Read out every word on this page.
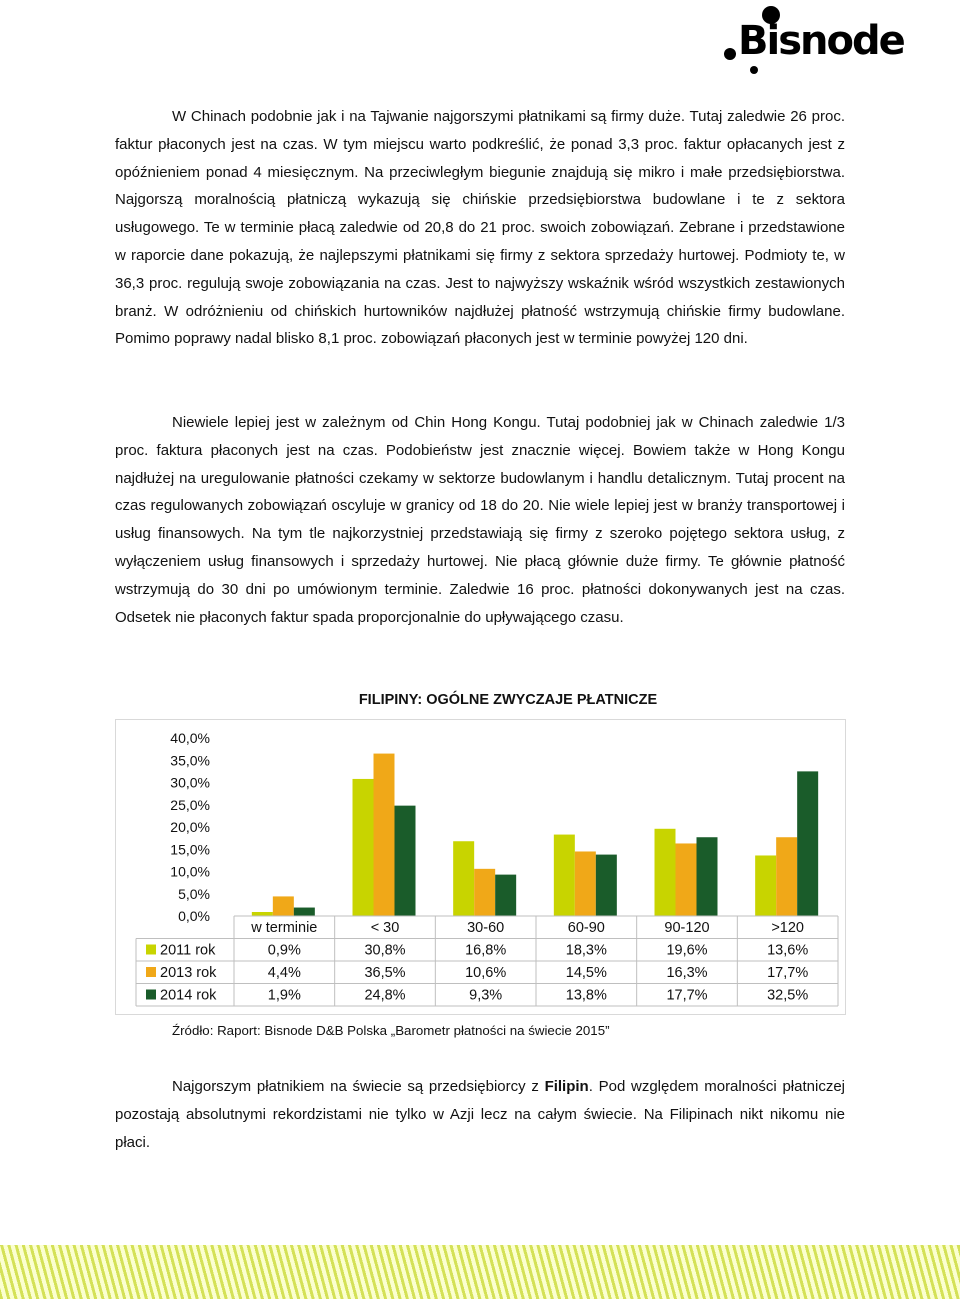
Bisnode

W Chinach podobnie jak i na Tajwanie najgorszymi płatnikami są firmy duże. Tutaj zaledwie 26 proc. faktur płaconych jest na czas. W tym miejscu warto podkreślić, że ponad 3,3 proc. faktur opłacanych jest z opóźnieniem ponad 4 miesięcznym. Na przeciwległym biegunie znajdują się mikro i małe przedsiębiorstwa. Najgorszą moralnością płatniczą wykazują się chińskie przedsiębiorstwa budowlane i te z sektora usługowego. Te w terminie płacą zaledwie od 20,8 do 21 proc. swoich zobowiązań. Zebrane i przedstawione w raporcie dane pokazują, że najlepszymi płatnikami się firmy z sektora sprzedaży hurtowej. Podmioty te, w 36,3 proc. regulują swoje zobowiązania na czas. Jest to najwyższy wskaźnik wśród wszystkich zestawionych branż. W odróżnieniu od chińskich hurtowników najdłużej płatność wstrzymują chińskie firmy budowlane. Pomimo poprawy nadal blisko 8,1 proc. zobowiązań płaconych jest w terminie powyżej 120 dni.

Niewiele lepiej jest w zależnym od Chin Hong Kongu. Tutaj podobniej jak w Chinach zaledwie 1/3 proc. faktura płaconych jest na czas. Podobieństw jest znacznie więcej. Bowiem także w Hong Kongu najdłużej na uregulowanie płatności czekamy w sektorze budowlanym i handlu detalicznym. Tutaj procent na czas regulowanych zobowiązań oscyluje w granicy od 18 do 20. Nie wiele lepiej jest w branży transportowej i usług finansowych. Na tym tle najkorzystniej przedstawiają się firmy z szeroko pojętego sektora usług, z wyłączeniem usług finansowych i sprzedaży hurtowej. Nie płacą głównie duże firmy. Te głównie płatność wstrzymują do 30 dni po umówionym terminie. Zaledwie 16 proc. płatności dokonywanych jest na czas. Odsetek nie płaconych faktur spada proporcjonalnie do upływającego czasu.

FILIPINY: OGÓLNE ZWYCZAJE PŁATNICZE
0,0%
5,0%
10,0%
15,0%
20,0%
25,0%
30,0%
35,0%
40,0%
w terminie	< 30	30-60	60-90	90-120	>120
2011 rok	0,9%	30,8%	16,8%	18,3%	19,6%	13,6%
2013 rok	4,4%	36,5%	10,6%	14,5%	16,3%	17,7%
2014 rok	1,9%	24,8%	9,3%	13,8%	17,7%	32,5%
Źródło: Raport: Bisnode D&B Polska „Barometr płatności na świecie 2015”

Najgorszym płatnikiem na świecie są przedsiębiorcy z Filipin. Pod względem moralności płatniczej pozostają absolutnymi rekordzistami nie tylko w Azji lecz na całym świecie. Na Filipinach nikt nikomu nie płaci.
